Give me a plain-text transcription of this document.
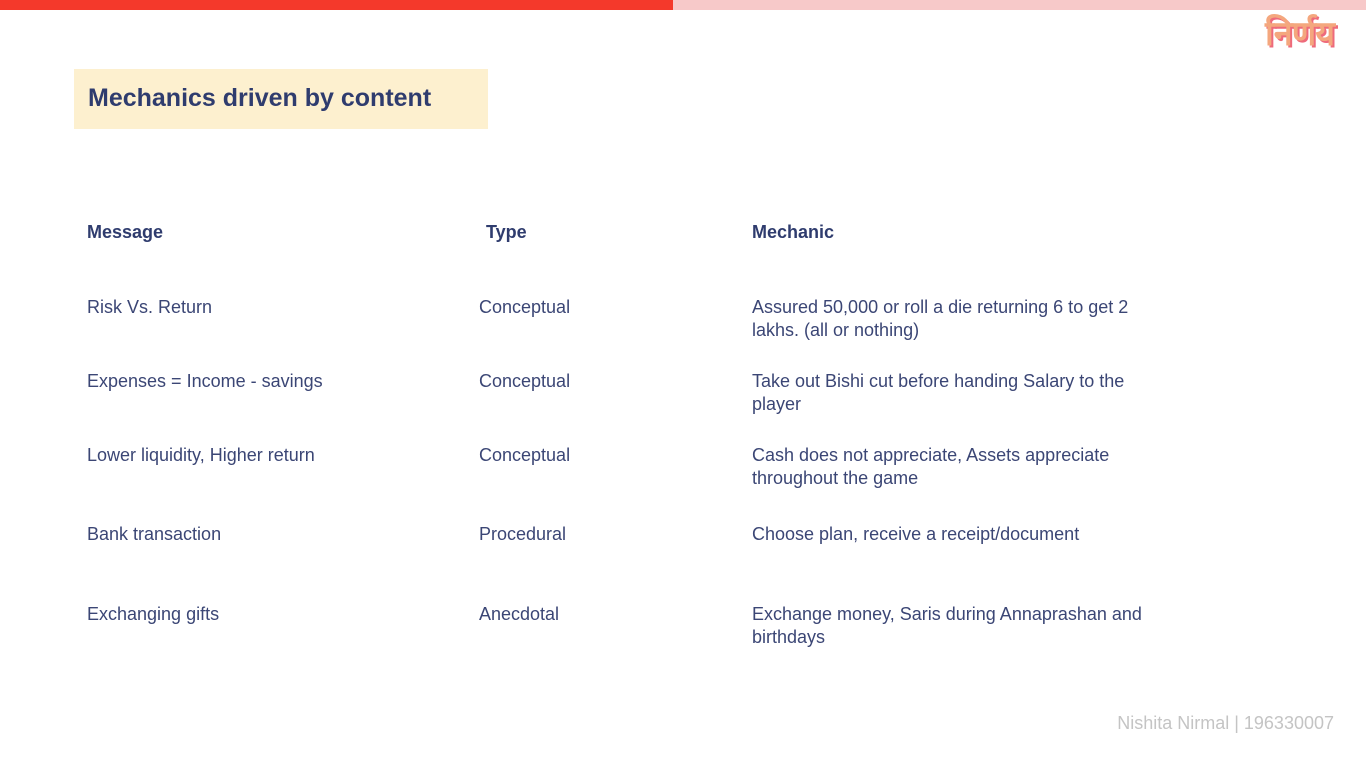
निर्णय
Mechanics driven by content
Message	Type	Mechanic
Risk Vs. Return	Conceptual	Assured 50,000 or roll a die returning 6 to get 2 lakhs. (all or nothing)
Expenses = Income - savings	Conceptual	Take out Bishi cut before handing Salary to the player
Lower liquidity, Higher return	Conceptual	Cash does not appreciate, Assets appreciate throughout the game
Bank transaction	Procedural	Choose plan, receive a receipt/document
Exchanging gifts	Anecdotal	Exchange money, Saris during Annaprashan and birthdays
Nishita Nirmal | 196330007
